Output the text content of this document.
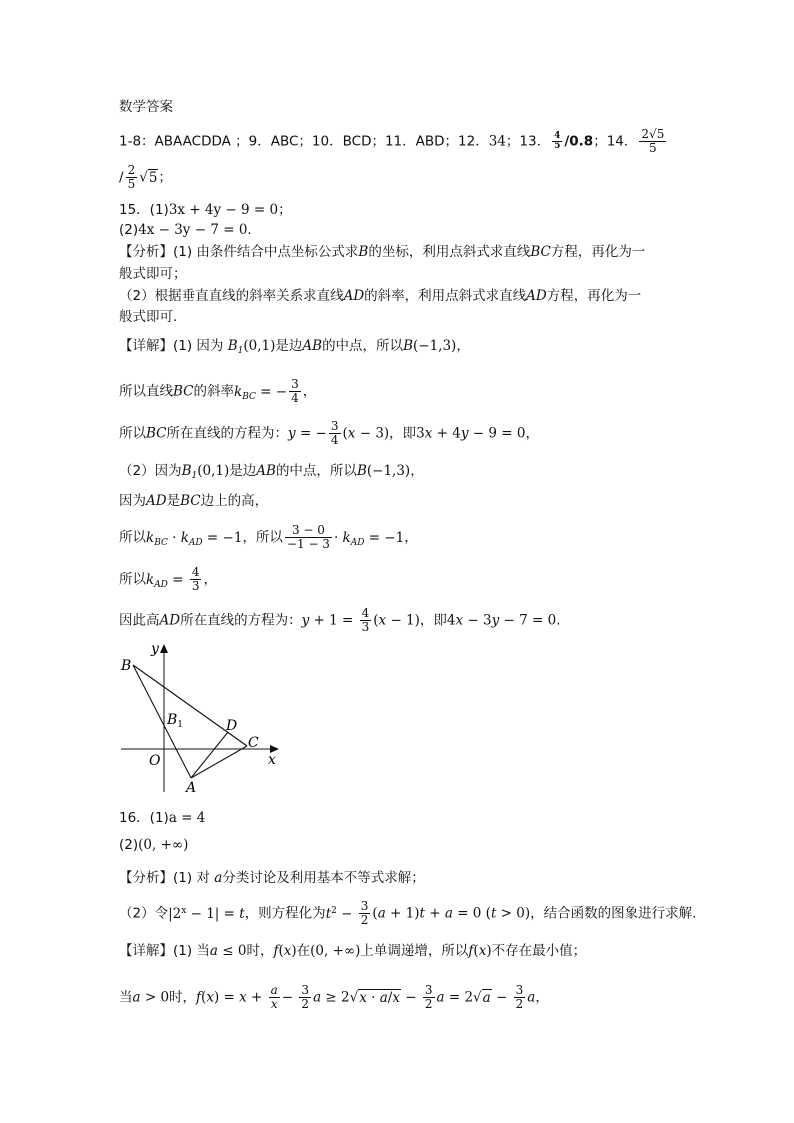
数学答案
1-8：ABAACDDA ；9．ABC；10．BCD；11．ABD；12．34；13． $\frac{4}{5} /0.8$；14． $\frac{2√5}{5}$
/ $\frac{2}{5} √5$；
15．(1)3x + 4y − 9 = 0；
(2)4x − 3y − 7 = 0．
【分析】(1) 由条件结合中点坐标公式求B的坐标，利用点斜式求直线BC方程，再化为一
般式即可；
（2）根据垂直直线的斜率关系求直线AD的斜率，利用点斜式求直线AD方程，再化为一
般式即可.
【详解】(1) 因为 $B_1(0,1)$是边AB的中点，所以B(−1,3)，
所以直线BC的斜率$k_{BC}$ = − $\frac{3}{4}$ ，
所以BC所在直线的方程为：y = − $\frac{3}{4} (x - 3)$，即3x + 4y − 9 = 0，
（2）因为$B_1(0,1)$是边AB的中点，所以B(−1,3)，
因为AD是BC边上的高，
所以$k_{BC} \cdot k_{AD} = -1$，所以 $\frac{3 - 0}{-1 - 3} \cdot k_{AD} = -1$，
所以$k_{AD} = \frac{4}{3}$ ，
因此高AD所在直线的方程为：$y + 1 = \frac{4}{3} (x - 1)$，即4x − 3y − 7 = 0.
y
B
$B_1$	D
C
O	x
A
16．(1)a = 4
(2)(0, +∞)
【分析】(1) 对 a分类讨论及利用基本不等式求解；
（2）令$|2^x - 1| = t$，则方程化为$t^2 - \frac{3}{2} (a + 1)t + a = 0$ (t > 0)，结合函数的图象进行求解.
【详解】(1) 当a ≤ 0时，f(x)在(0, +∞)上单调递增，所以f(x)不存在最小值；
当a > 0时，$f(x) = x + \frac{a}{x} - \frac{3}{2}$ $a \ge 2√x \cdot a/x - \frac{3}{2}$ $a = 2√a - \frac{3}{2}$ a，
